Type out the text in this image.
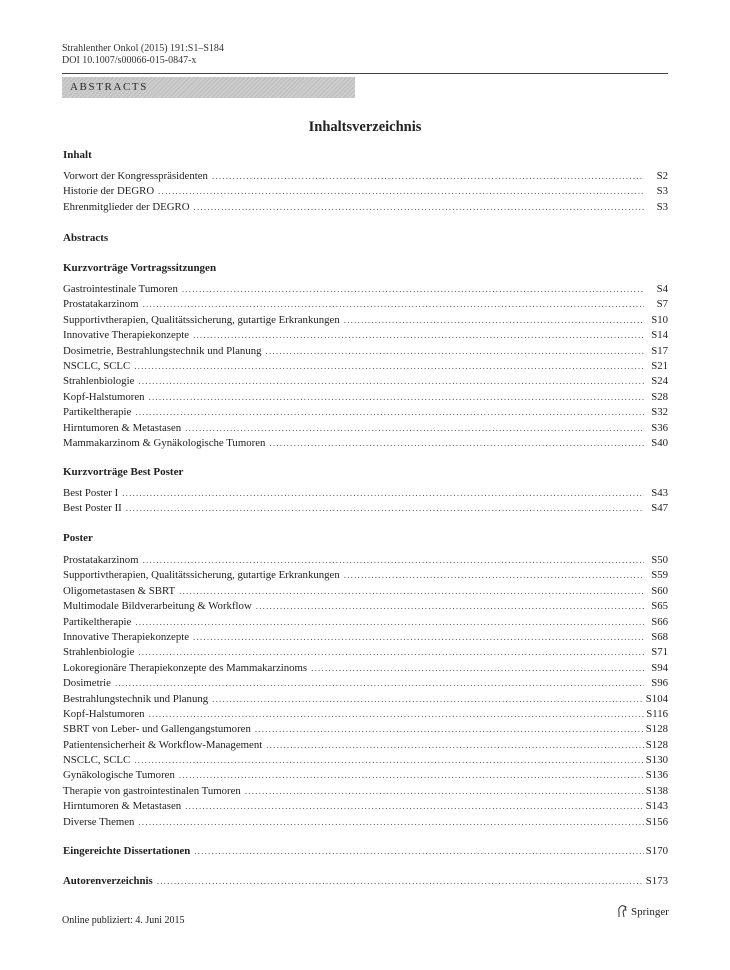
Strahlenther Onkol (2015) 191:S1–S184
DOI 10.1007/s00066-015-0847-x
ABSTRACTS
Inhaltsverzeichnis
Inhalt
Vorwort der Kongresspräsidenten .....	S2
Historie der DEGRO .....	S3
Ehrenmitglieder der DEGRO .....	S3
Abstracts
Kurzvorträge Vortragssitzungen
Gastrointestinale Tumoren .....	S4
Prostatakarzinom .....	S7
Supportivtherapien, Qualitätssicherung, gutartige Erkrankungen .....	S10
Innovative Therapiekonzepte .....	S14
Dosimetrie, Bestrahlungstechnik und Planung .....	S17
NSCLC, SCLC .....	S21
Strahlenbiologie .....	S24
Kopf-Halstumoren .....	S28
Partikeltherapie .....	S32
Hirntumoren & Metastasen .....	S36
Mammakarzinom & Gynäkologische Tumoren .....	S40
Kurzvorträge Best Poster
Best Poster I .....	S43
Best Poster II .....	S47
Poster
Prostatakarzinom .....	S50
Supportivtherapien, Qualitätssicherung, gutartige Erkrankungen .....	S59
Oligometastasen & SBRT .....	S60
Multimodale Bildverarbeitung & Workflow .....	S65
Partikeltherapie .....	S66
Innovative Therapiekonzepte .....	S68
Strahlenbiologie .....	S71
Lokoregionäre Therapiekonzepte des Mammakarzinoms .....	S94
Dosimetrie .....	S96
Bestrahlungstechnik und Planung .....	S104
Kopf-Halstumoren .....	S116
SBRT von Leber- und Gallengangstumoren .....	S128
Patientensicherheit & Workflow-Management .....	S128
NSCLC, SCLC .....	S130
Gynäkologische Tumoren .....	S136
Therapie von gastrointestinalen Tumoren .....	S138
Hirntumoren & Metastasen .....	S143
Diverse Themen .....	S156
Eingereichte Dissertationen .....	S170
Autorenverzeichnis .....	S173
Online publiziert: 4. Juni 2015
Springer
